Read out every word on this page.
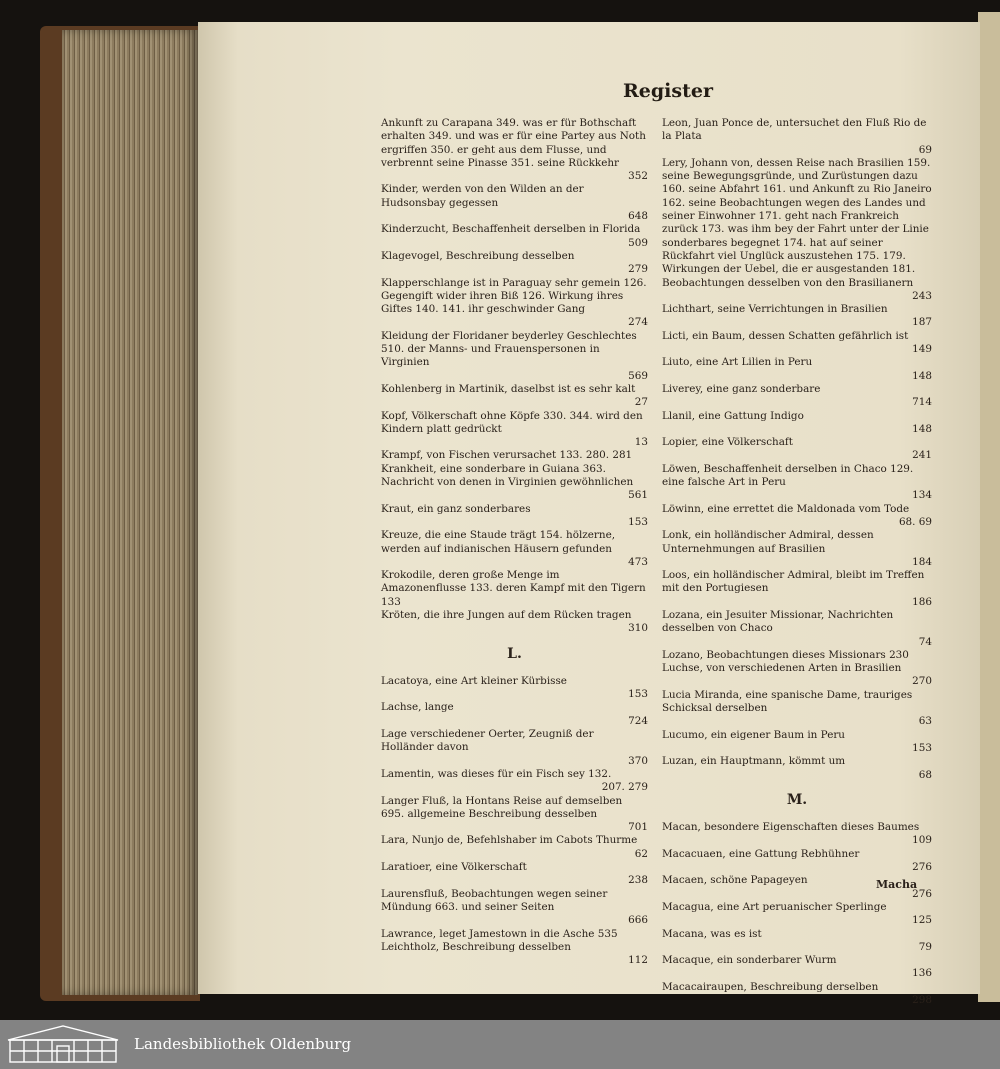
Register
Ankunft zu Carapana 349. was er für Bothschaft erhalten 349. und was er für eine Partey aus Noth ergriffen 350. er geht aus dem Flusse, und verbrennt seine Pinasse 351. seine Rückkehr
352
Kinder, werden von den Wilden an der Hudsonsbay gegessen
648
Kinderzucht, Beschaffenheit derselben in Florida
509
Klagevogel, Beschreibung desselben
279
Klapperschlange ist in Paraguay sehr gemein 126. Gegengift wider ihren Biß 126. Wirkung ihres Giftes 140. 141. ihr geschwinder Gang
274
Kleidung der Floridaner beyderley Geschlechtes 510. der Manns- und Frauenspersonen in Virginien
569
Kohlenberg in Martinik, daselbst ist es sehr kalt
27
Kopf, Völkerschaft ohne Köpfe 330. 344. wird den Kindern platt gedrückt
13
Krampf, von Fischen verursachet 133. 280. 281
Krankheit, eine sonderbare in Guiana 363. Nachricht von denen in Virginien gewöhnlichen
561
Kraut, ein ganz sonderbares
153
Kreuze, die eine Staude trägt 154. hölzerne, werden auf indianischen Häusern gefunden
473
Krokodile, deren große Menge im Amazonenflusse 133. deren Kampf mit den Tigern 133
Kröten, die ihre Jungen auf dem Rücken tragen
310
L.
Lacatoya, eine Art kleiner Kürbisse
153
Lachse, lange
724
Lage verschiedener Oerter, Zeugniß der Holländer davon
370
Lamentin, was dieses für ein Fisch sey 132.
207. 279
Langer Fluß, la Hontans Reise auf demselben 695. allgemeine Beschreibung desselben
701
Lara, Nunjo de, Befehlshaber im Cabots Thurme
62
Laratioer, eine Völkerschaft
238
Laurensfluß, Beobachtungen wegen seiner Mündung 663. und seiner Seiten
666
Lawrance, leget Jamestown in die Asche 535
Leichtholz, Beschreibung desselben
112
Leon, Juan Ponce de, untersuchet den Fluß Rio de la Plata
69
Lery, Johann von, dessen Reise nach Brasilien 159. seine Bewegungsgründe, und Zurüstungen dazu 160. seine Abfahrt 161. und Ankunft zu Rio Janeiro 162. seine Beobachtungen wegen des Landes und seiner Einwohner 171. geht nach Frankreich zurück 173. was ihm bey der Fahrt unter der Linie sonderbares begegnet 174. hat auf seiner Rückfahrt viel Unglück auszustehen 175. 179. Wirkungen der Uebel, die er ausgestanden 181. Beobachtungen desselben von den Brasilianern
243
Lichthart, seine Verrichtungen in Brasilien
187
Licti, ein Baum, dessen Schatten gefährlich ist
149
Liuto, eine Art Lilien in Peru
148
Liverey, eine ganz sonderbare
714
Llanil, eine Gattung Indigo
148
Lopier, eine Völkerschaft
241
Löwen, Beschaffenheit derselben in Chaco 129. eine falsche Art in Peru
134
Löwinn, eine errettet die Maldonada vom Tode
68. 69
Lonk, ein holländischer Admiral, dessen Unternehmungen auf Brasilien
184
Loos, ein holländischer Admiral, bleibt im Treffen mit den Portugiesen
186
Lozana, ein Jesuiter Missionar, Nachrichten desselben von Chaco
74
Lozano, Beobachtungen dieses Missionars 230
Luchse, von verschiedenen Arten in Brasilien
270
Lucia Miranda, eine spanische Dame, trauriges Schicksal derselben
63
Lucumo, ein eigener Baum in Peru
153
Luzan, ein Hauptmann, kömmt um
68
M.
Macan, besondere Eigenschaften dieses Baumes
109
Macacuaen, eine Gattung Rebhühner
276
Macaen, schöne Papageyen
276
Macagua, eine Art peruanischer Sperlinge
125
Macana, was es ist
79
Macaque, ein sonderbarer Wurm
136
Macacairaupen, Beschreibung derselben
298
Macha
Landesbibliothek Oldenburg
